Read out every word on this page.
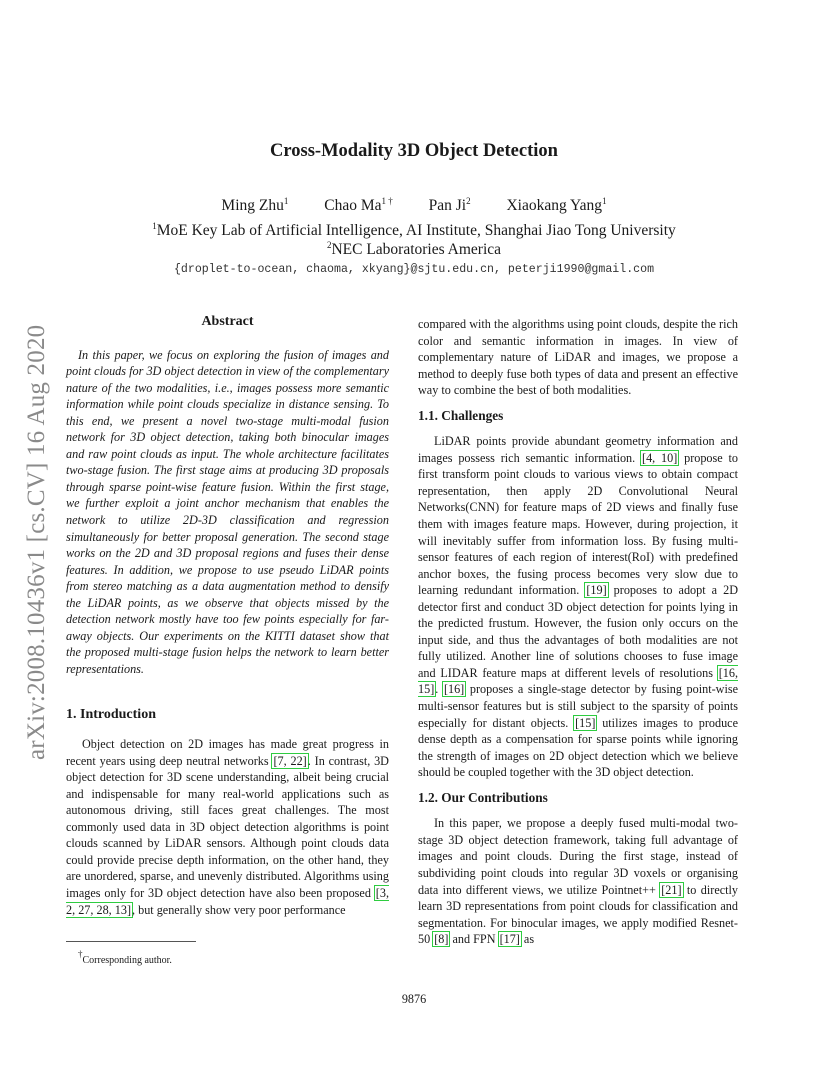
arXiv:2008.10436v1 [cs.CV] 16 Aug 2020
Cross-Modality 3D Object Detection
Ming Zhu$^1$ Chao $Ma^{1 \dagger}$ Pan Ji$^2$ Xiaokang Yang$^1$
$^1$MoE Key Lab of Artificial Intelligence, AI Institute, Shanghai Jiao Tong University
$^2$NEC Laboratories America
{droplet-to-ocean, chaoma, xkyang}@sjtu.edu.cn, peterji1990@gmail.com
Abstract

In this paper, we focus on exploring the fusion of images and point clouds for 3D object detection in view of the complementary nature of the two modalities, i.e., images possess more semantic information while point clouds specialize in distance sensing. To this end, we present a novel two-stage multi-modal fusion network for 3D object detection, taking both binocular images and raw point clouds as input. The whole architecture facilitates two-stage fusion. The first stage aims at producing 3D proposals through sparse point-wise feature fusion. Within the first stage, we further exploit a joint anchor mechanism that enables the network to utilize 2D-3D classification and regression simultaneously for better proposal generation. The second stage works on the 2D and 3D proposal regions and fuses their dense features. In addition, we propose to use pseudo LiDAR points from stereo matching as a data augmentation method to densify the LiDAR points, as we observe that objects missed by the detection network mostly have too few points especially for far-away objects. Our experiments on the KITTI dataset show that the proposed multi-stage fusion helps the network to learn better representations.

1. Introduction

Object detection on 2D images has made great progress in recent years using deep neutral networks [7, 22]. In contrast, 3D object detection for 3D scene understanding, albeit being crucial and indispensable for many real-world applications such as autonomous driving, still faces great challenges. The most commonly used data in 3D object detection algorithms is point clouds scanned by LiDAR sensors. Although point clouds data could provide precise depth information, on the other hand, they are unordered, sparse, and unevenly distributed. Algorithms using images only for 3D object detection have also been proposed [3, 2, 27, 28, 13], but generally show very poor performance

compared with the algorithms using point clouds, despite the rich color and semantic information in images. In view of complementary nature of LiDAR and images, we propose a method to deeply fuse both types of data and present an effective way to combine the best of both modalities.

1.1. Challenges

LiDAR points provide abundant geometry information and images possess rich semantic information. [4, 10] propose to first transform point clouds to various views to obtain compact representation, then apply 2D Convolutional Neural Networks(CNN) for feature maps of 2D views and finally fuse them with images feature maps. However, during projection, it will inevitably suffer from information loss. By fusing multi-sensor features of each region of interest(RoI) with predefined anchor boxes, the fusing process becomes very slow due to learning redundant information. [19] proposes to adopt a 2D detector first and conduct 3D object detection for points lying in the predicted frustum. However, the fusion only occurs on the input side, and thus the advantages of both modalities are not fully utilized. Another line of solutions chooses to fuse image and LIDAR feature maps at different levels of resolutions [16, 15]. [16] proposes a single-stage detector by fusing point-wise multi-sensor features but is still subject to the sparsity of points especially for distant objects. [15] utilizes images to produce dense depth as a compensation for sparse points while ignoring the strength of images on 2D object detection which we believe should be coupled together with the 3D object detection.

1.2. Our Contributions

In this paper, we propose a deeply fused multi-modal two-stage 3D object detection framework, taking full advantage of images and point clouds. During the first stage, instead of subdividing point clouds into regular 3D voxels or organising data into different views, we utilize Pointnet++ [21] to directly learn 3D representations from point clouds for classification and segmentation. For binocular images, we apply modified Resnet-50 [8] and FPN [17] as

†Corresponding author.
9876
